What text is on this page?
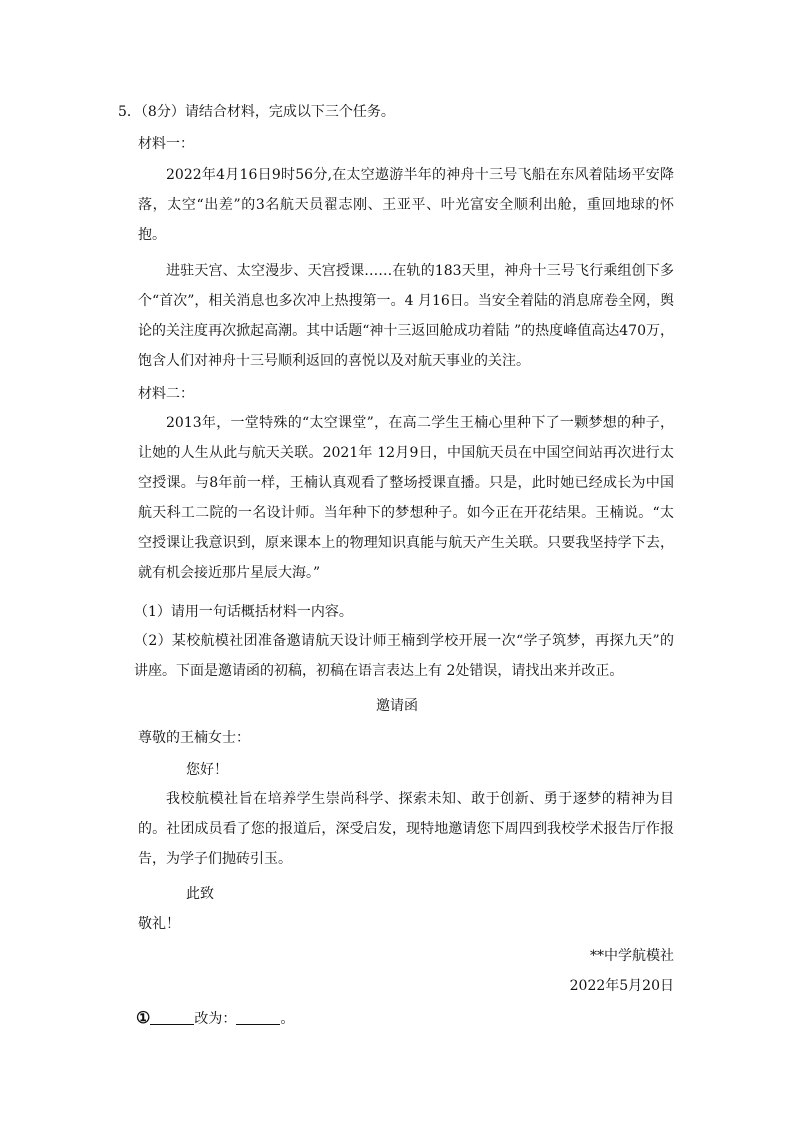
5．（8分）请结合材料，完成以下三个任务。
材料一：
2022年4月16日9时56分,在太空遨游半年的神舟十三号飞船在东风着陆场平安降落，太空“出差”的3名航天员翟志刚、王亚平、叶光富安全顺利出舱，重回地球的怀抱。
进驻天宫、太空漫步、天宫授课……在轨的183天里，神舟十三号飞行乘组创下多个“首次”，相关消息也多次冲上热搜第一。4 月16日。当安全着陆的消息席卷全网，舆论的关注度再次掀起高潮。其中话题“神十三返回舱成功着陆 ”的热度峰值高达470万，饱含人们对神舟十三号顺利返回的喜悦以及对航天事业的关注。
材料二：
2013年，一堂特殊的“太空课堂”，在高二学生王楠心里种下了一颗梦想的种子，让她的人生从此与航天关联。2021年 12月9日，中国航天员在中国空间站再次进行太空授课。与8年前一样，王楠认真观看了整场授课直播。只是，此时她已经成长为中国航天科工二院的一名设计师。当年种下的梦想种子。如今正在开花结果。王楠说。“太空授课让我意识到，原来课本上的物理知识真能与航天产生关联。只要我坚持学下去，就有机会接近那片星辰大海。”
（1）请用一句话概括材料一内容。
（2）某校航模社团准备邀请航天设计师王楠到学校开展一次“学子筑梦，再探九天”的讲座。下面是邀请函的初稿，初稿在语言表达上有 2处错误，请找出来并改正。
邀请函
尊敬的王楠女士：
您好！
我校航模社旨在培养学生崇尚科学、探索未知、敢于创新、勇于逐梦的精神为目的。社团成员看了您的报道后，深受启发，现特地邀请您下周四到我校学术报告厅作报告，为学子们抛砖引玉。
此致
敬礼！
**中学航模社
2022年5月20日
①	改为：	。
